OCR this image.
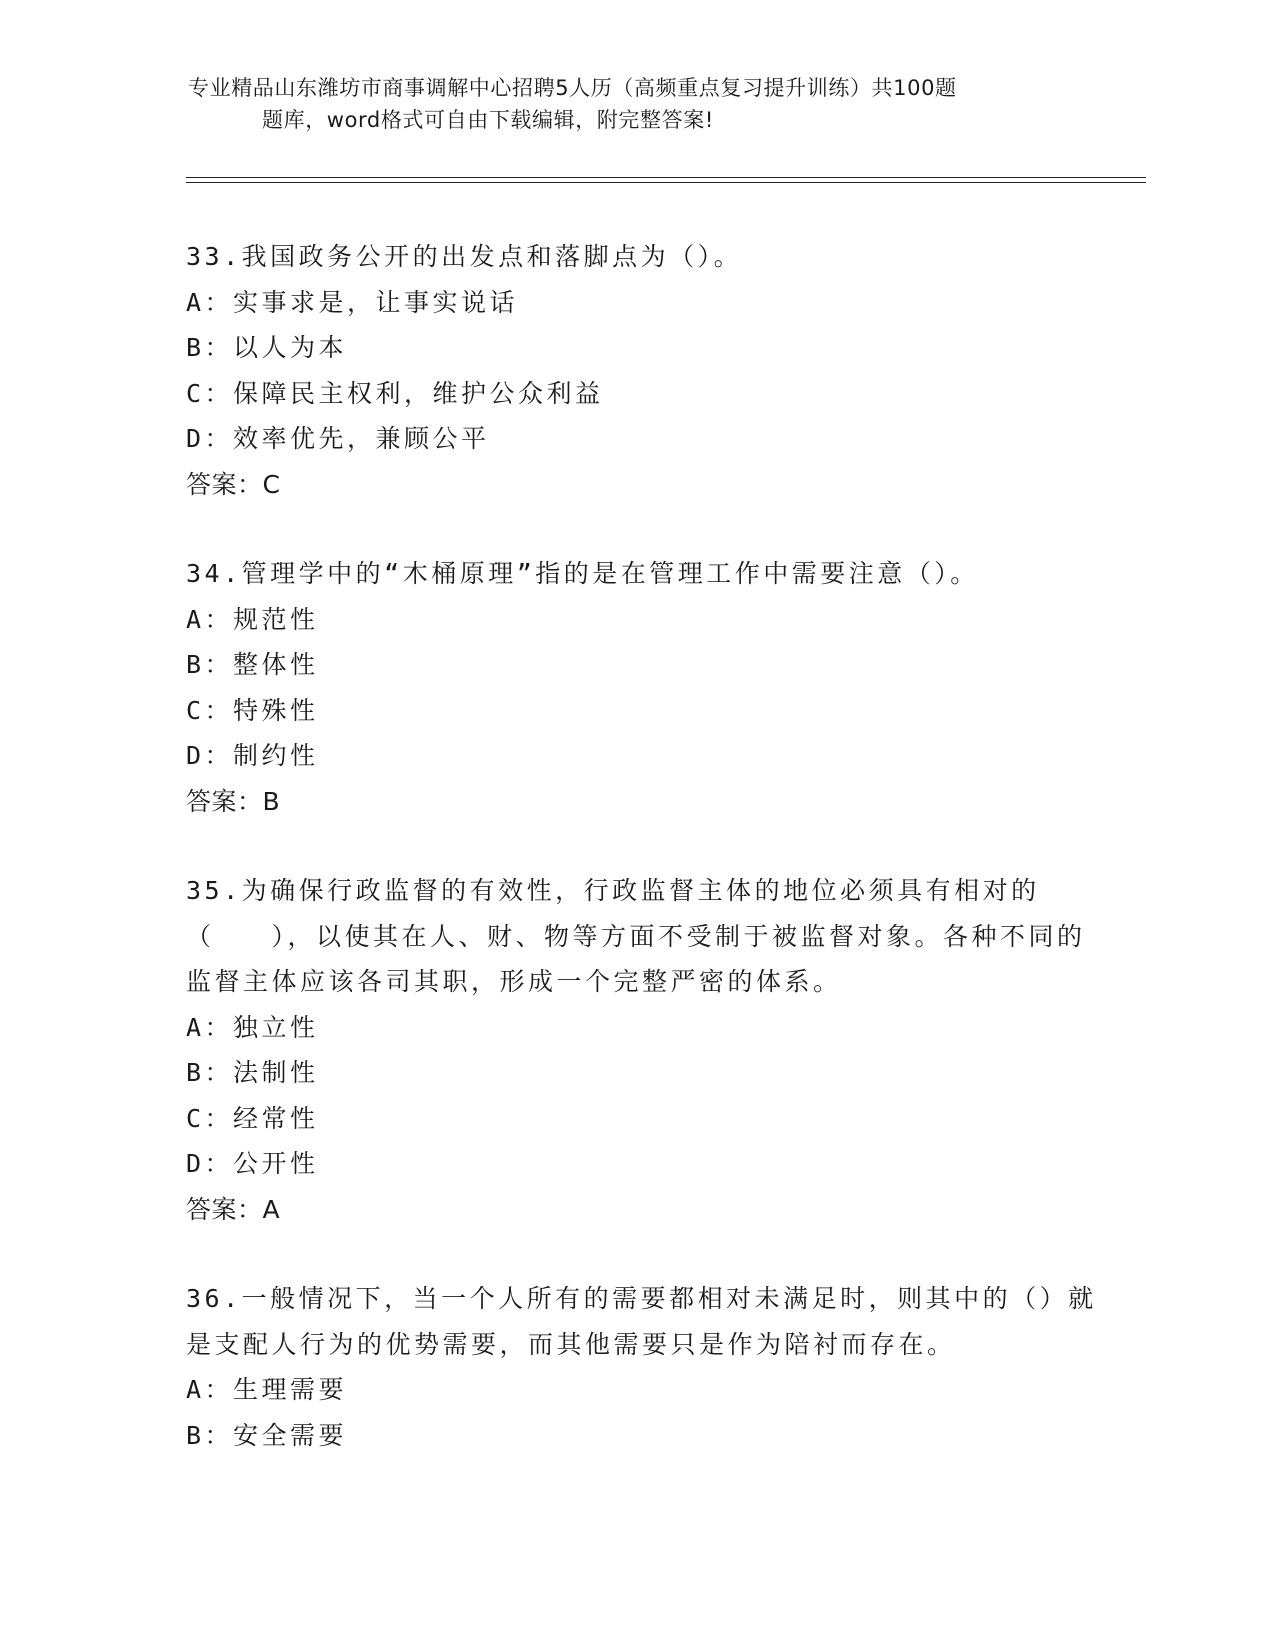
专业精品山东潍坊市商事调解中心招聘5人历（高频重点复习提升训练）共100题
题库，word格式可自由下载编辑，附完整答案!
33.我国政务公开的出发点和落脚点为（）。
A：实事求是，让事实说话
B：以人为本
C：保障民主权利，维护公众利益
D：效率优先，兼顾公平
答案：C
34.管理学中的“木桶原理”指的是在管理工作中需要注意（）。
A：规范性
B：整体性
C：特殊性
D：制约性
答案：B
35.为确保行政监督的有效性，行政监督主体的地位必须具有相对的（　　），以使其在人、财、物等方面不受制于被监督对象。各种不同的监督主体应该各司其职，形成一个完整严密的体系。
A：独立性
B：法制性
C：经常性
D：公开性
答案：A
36.一般情况下，当一个人所有的需要都相对未满足时，则其中的（）就是支配人行为的优势需要，而其他需要只是作为陪衬而存在。
A：生理需要
B：安全需要
